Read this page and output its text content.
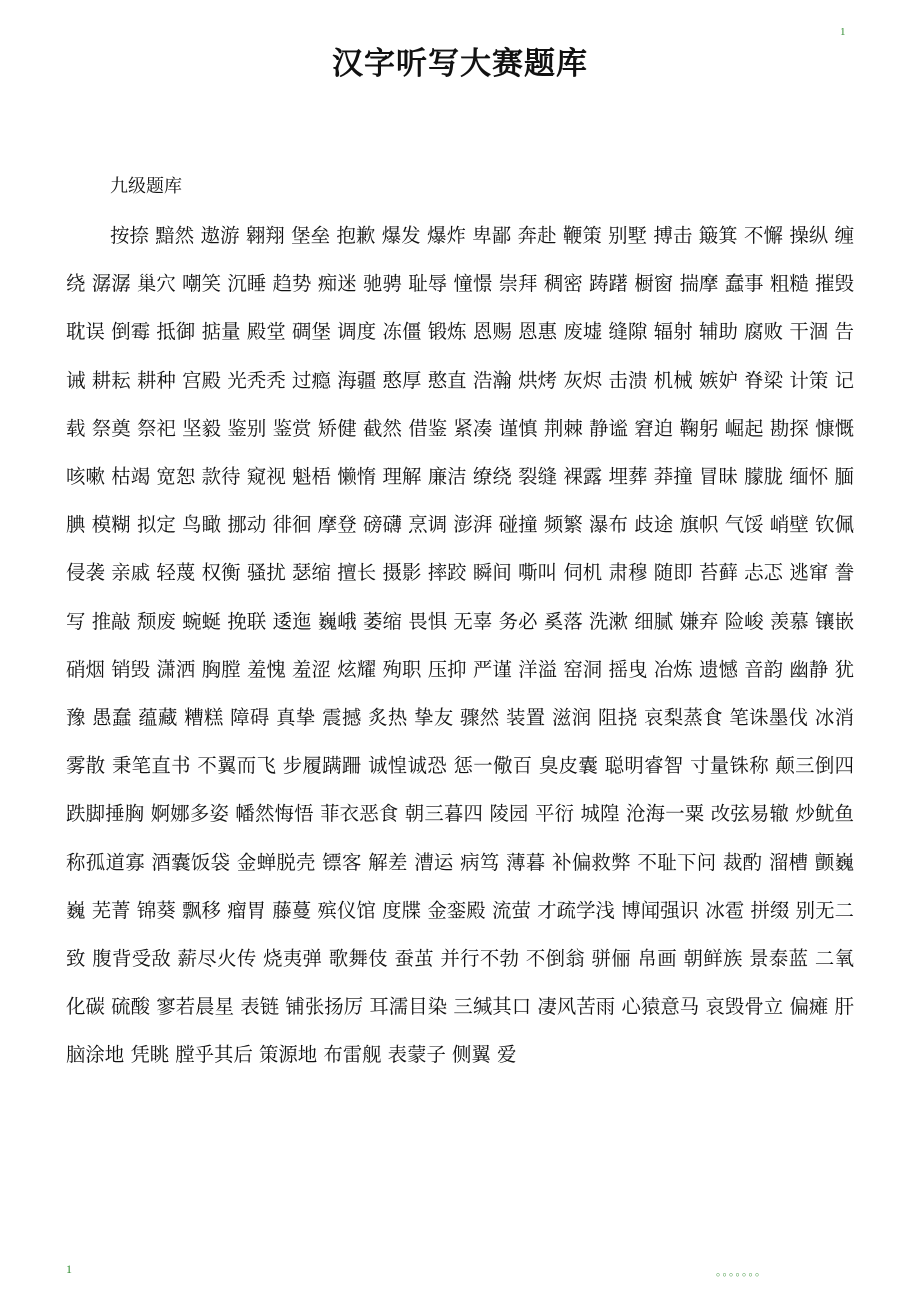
1
汉字听写大赛题库
九级题库
按捺 黯然 遨游 翱翔 堡垒 抱歉 爆发 爆炸 卑鄙 奔赴 鞭策 别墅 搏击 簸箕 不懈 操纵 缠绕 潺潺 巢穴 嘲笑 沉睡 趋势 痴迷 驰骋 耻辱 憧憬 崇拜 稠密 踌躇 橱窗 揣摩 蠢事 粗糙 摧毁 耽误 倒霉 抵御 掂量 殿堂 碉堡 调度 冻僵 锻炼 恩赐 恩惠 废墟 缝隙 辐射 辅助 腐败 干涸 告诫 耕耘 耕种 宫殿 光秃秃 过瘾 海疆 憨厚 憨直 浩瀚 烘烤 灰烬 击溃 机械 嫉妒 脊梁 计策 记载 祭奠 祭祀 坚毅 鉴别 鉴赏 矫健 截然 借鉴 紧凑 谨慎 荆棘 静谧 窘迫 鞠躬 崛起 勘探 慷慨 咳嗽 枯竭 宽恕 款待 窥视 魁梧 懒惰 理解 廉洁 缭绕 裂缝 裸露 埋葬 莽撞 冒昧 朦胧 缅怀 腼腆 模糊 拟定 鸟瞰 挪动 徘徊 摩登 磅礴 烹调 澎湃 碰撞 频繁 瀑布 歧途 旗帜 气馁 峭壁 钦佩 侵袭 亲戚 轻蔑 权衡 骚扰 瑟缩 擅长 摄影 摔跤 瞬间 嘶叫 伺机 肃穆 随即 苔藓 忐忑 逃窜 誊写 推敲 颓废 蜿蜒 挽联 逶迤 巍峨 萎缩 畏惧 无辜 务必 奚落 洗漱 细腻 嫌弃 险峻 羡慕 镶嵌 硝烟 销毁 潇洒 胸膛 羞愧 羞涩 炫耀 殉职 压抑 严谨 洋溢 窑洞 摇曳 冶炼 遗憾 音韵 幽静 犹豫 愚蠢 蕴藏 糟糕 障碍 真挚 震撼 炙热 挚友 骤然 装置 滋润 阻挠 哀梨蒸食 笔诛墨伐 冰消雾散 秉笔直书 不翼而飞 步履蹒跚 诚惶诚恐 惩一儆百 臭皮囊 聪明睿智 寸量铢称 颠三倒四 跌脚捶胸 婀娜多姿 幡然悔悟 菲衣恶食 朝三暮四 陵园 平衍 城隍 沧海一粟 改弦易辙 炒鱿鱼 称孤道寡 酒囊饭袋 金蝉脱壳 镖客 解差 漕运 病笃 薄暮 补偏救弊 不耻下问 裁酌 溜槽 颤巍巍 芜菁 锦葵 飘移 瘤胃 藤蔓 殡仪馆 度牒 金銮殿 流萤 才疏学浅 博闻强识 冰雹 拼缀 别无二致 腹背受敌 薪尽火传 烧夷弹 歌舞伎 蚕茧 并行不勃 不倒翁 骈俪 帛画 朝鲜族 景泰蓝 二氧化碳 硫酸 寥若晨星 表链 铺张扬厉 耳濡目染 三缄其口 凄风苦雨 心猿意马 哀毁骨立 偏瘫 肝脑涂地 凭眺 膛乎其后 策源地 布雷舰 表蒙子 侧翼 爱
1	。。。。。。。
